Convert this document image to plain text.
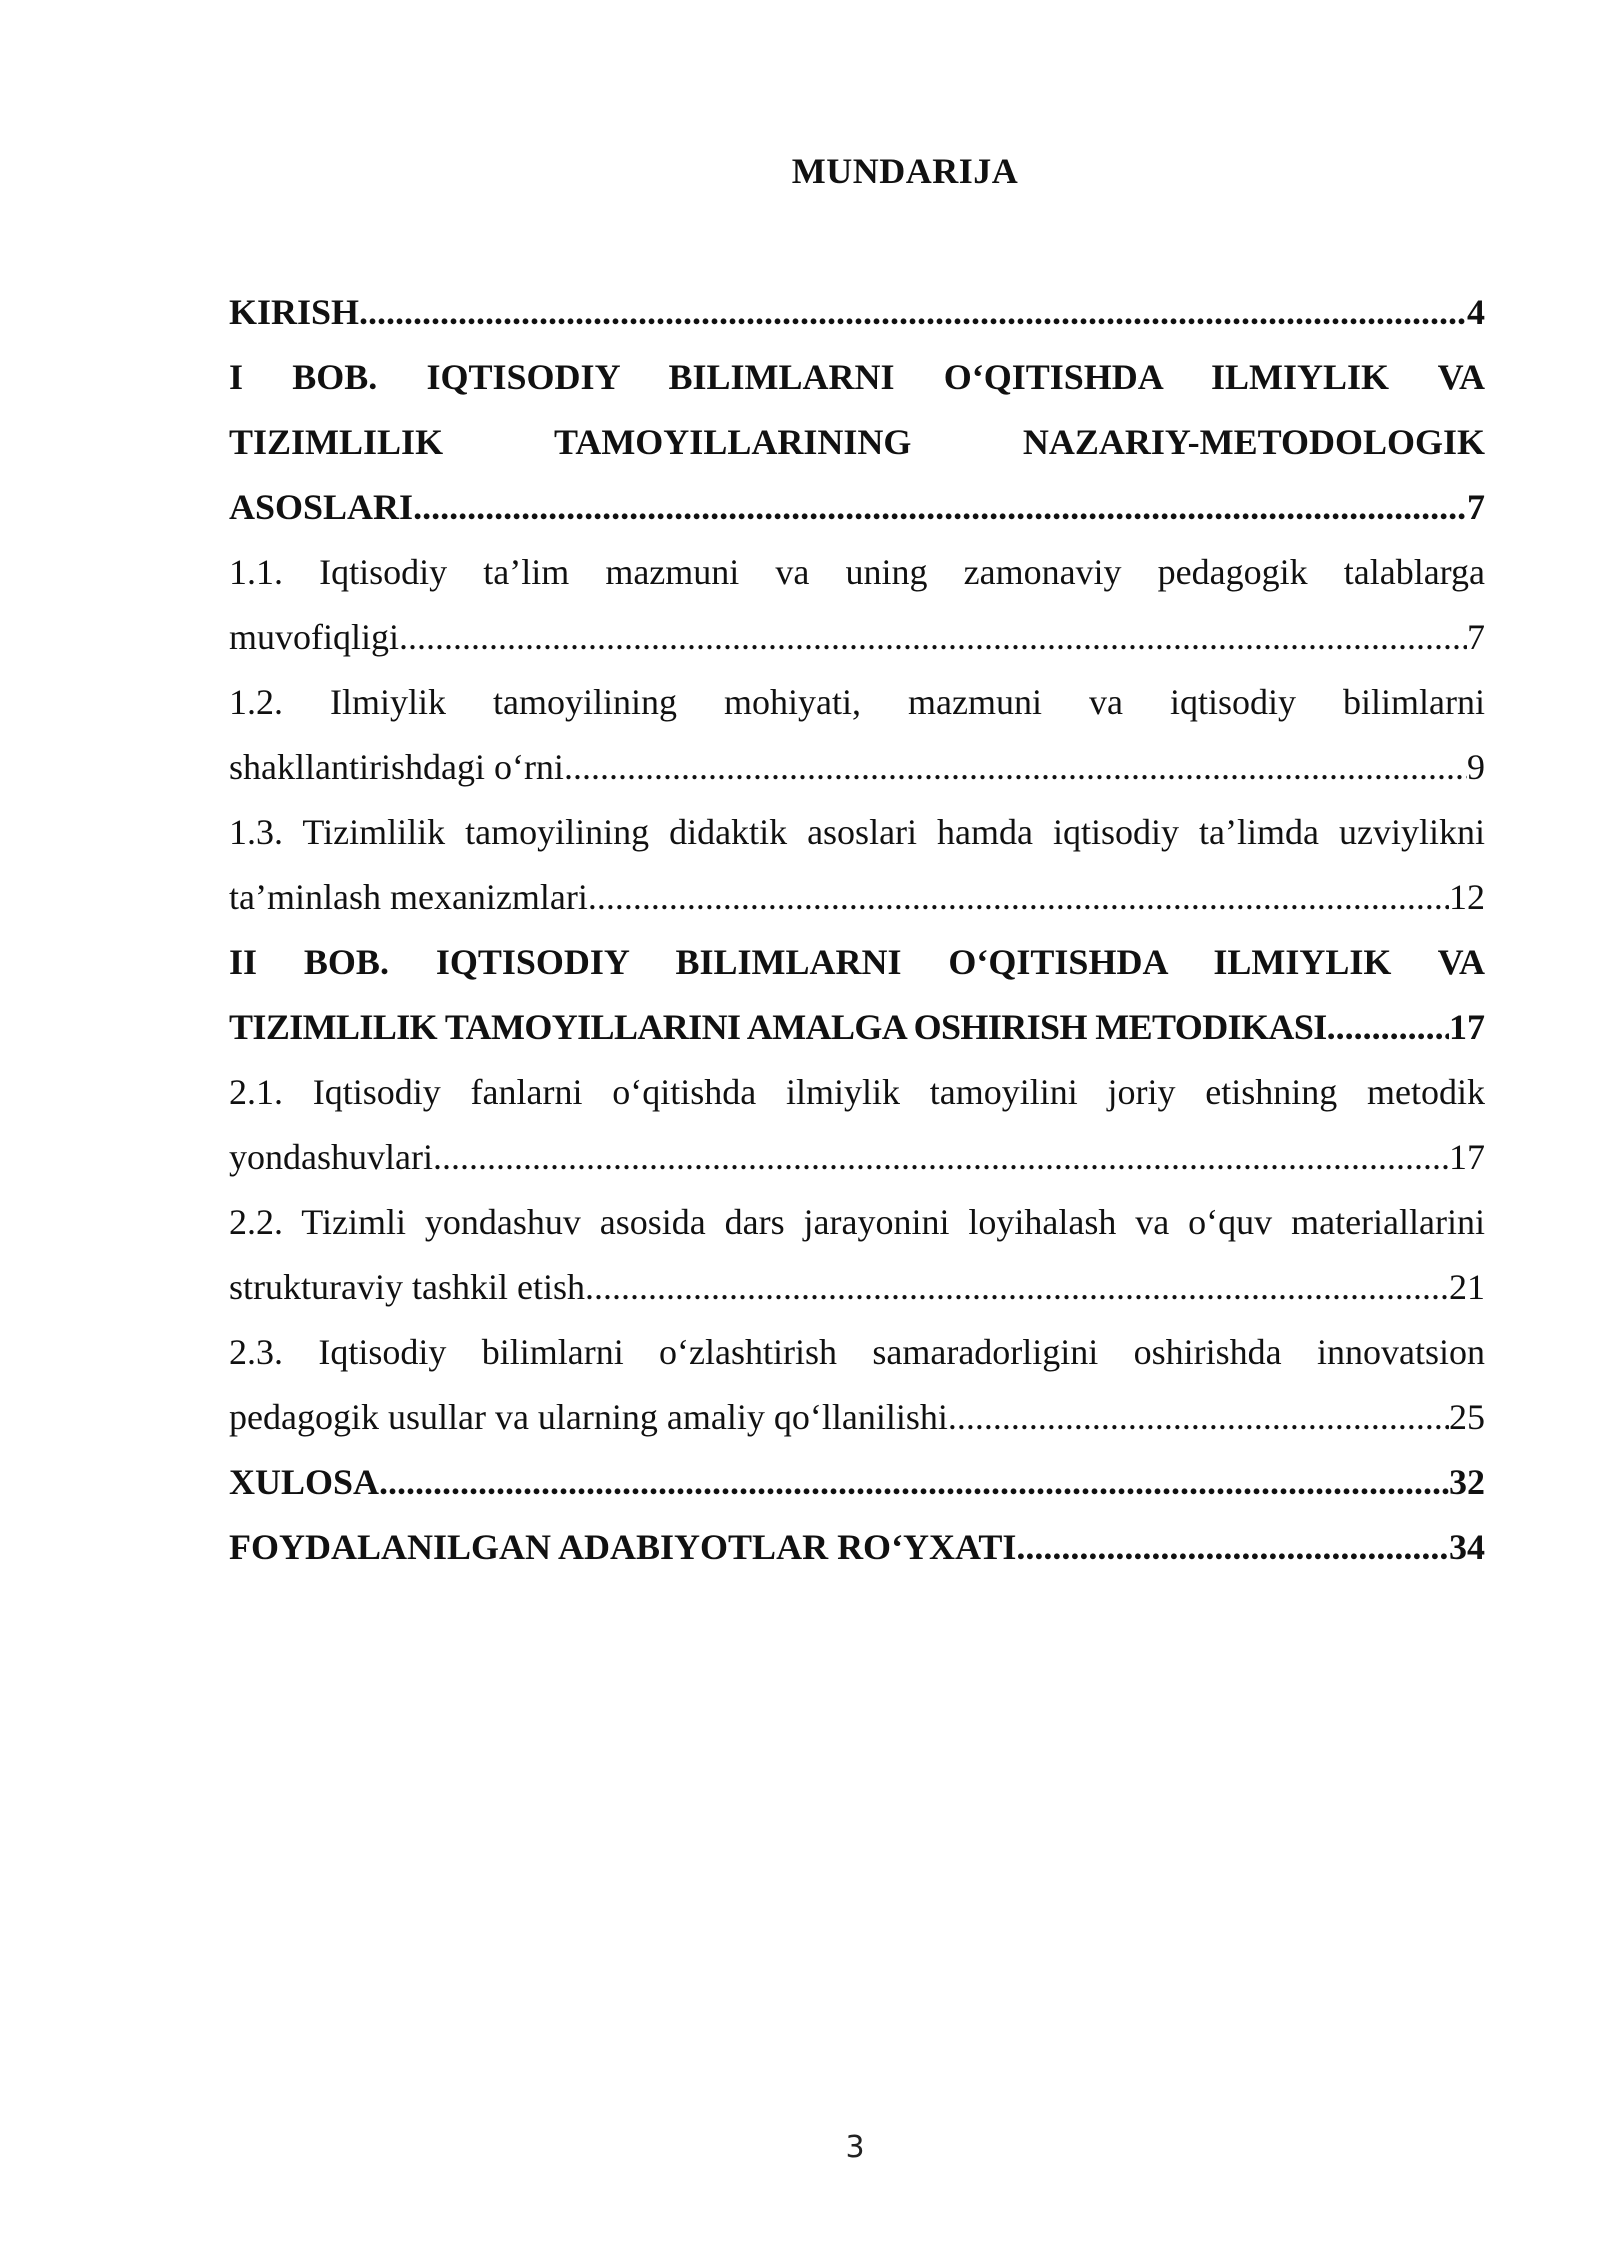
MUNDARIJA
KIRISH .....	4
I BOB. IQTISODIY BILIMLARNI O‘QITISHDA ILMIYLIK VA
TIZIMLILIK TAMOYILLARINING NAZARIY-METODOLOGIK
ASOSLARI .....	7
1.1. Iqtisodiy ta’lim mazmuni va uning zamonaviy pedagogik talablarga
muvofiqligi .....	7
1.2. Ilmiylik tamoyilining mohiyati, mazmuni va iqtisodiy bilimlarni
shakllantirishdagi o‘rni .....	9
1.3. Tizimlilik tamoyilining didaktik asoslari hamda iqtisodiy ta’limda uzviylikni
ta’minlash mexanizmlari .....	12
II BOB. IQTISODIY BILIMLARNI O‘QITISHDA ILMIYLIK VA
TIZIMLILIK TAMOYILLARINI AMALGA OSHIRISH METODIKASI .....	17
2.1. Iqtisodiy fanlarni o‘qitishda ilmiylik tamoyilini joriy etishning metodik
yondashuvlari .....	17
2.2. Tizimli yondashuv asosida dars jarayonini loyihalash va o‘quv materiallarini
strukturaviy tashkil etish .....	21
2.3. Iqtisodiy bilimlarni o‘zlashtirish samaradorligini oshirishda innovatsion
pedagogik usullar va ularning amaliy qo‘llanilishi .....	25
XULOSA .....	32
FOYDALANILGAN ADABIYOTLAR RO‘YXATI .....	34
3
